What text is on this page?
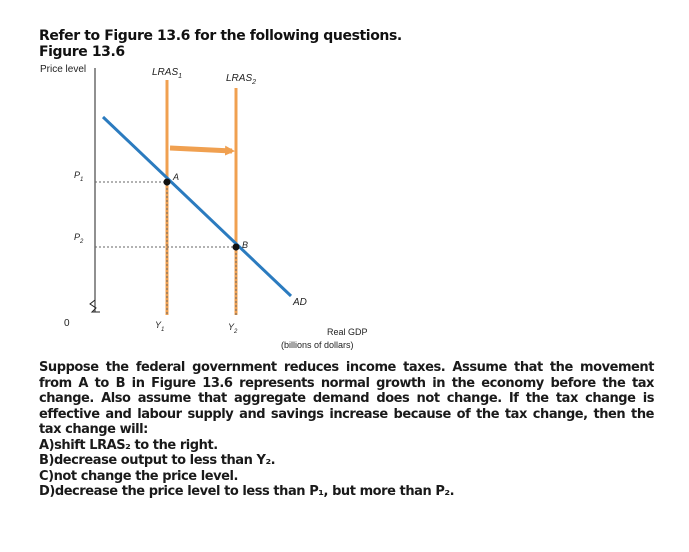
Refer to Figure 13.6 for the following questions.
Figure 13.6
Price level
0
$LRAS_1$	$LRAS_2$
AD
A
B
$P_1$
$P_2$
$Y_1$	$Y_2$	Real GDP
(billions of dollars)

Suppose the federal government reduces income taxes. Assume that the movement from A to B in Figure 13.6 represents normal growth in the economy before the tax change. Also assume that aggregate demand does not change. If the tax change is effective and labour supply and savings increase because of the tax change, then the tax change will:

A)shift LRAS₂ to the right.
B)decrease output to less than Y₂.
C)not change the price level.
D)decrease the price level to less than P₁, but more than P₂.
